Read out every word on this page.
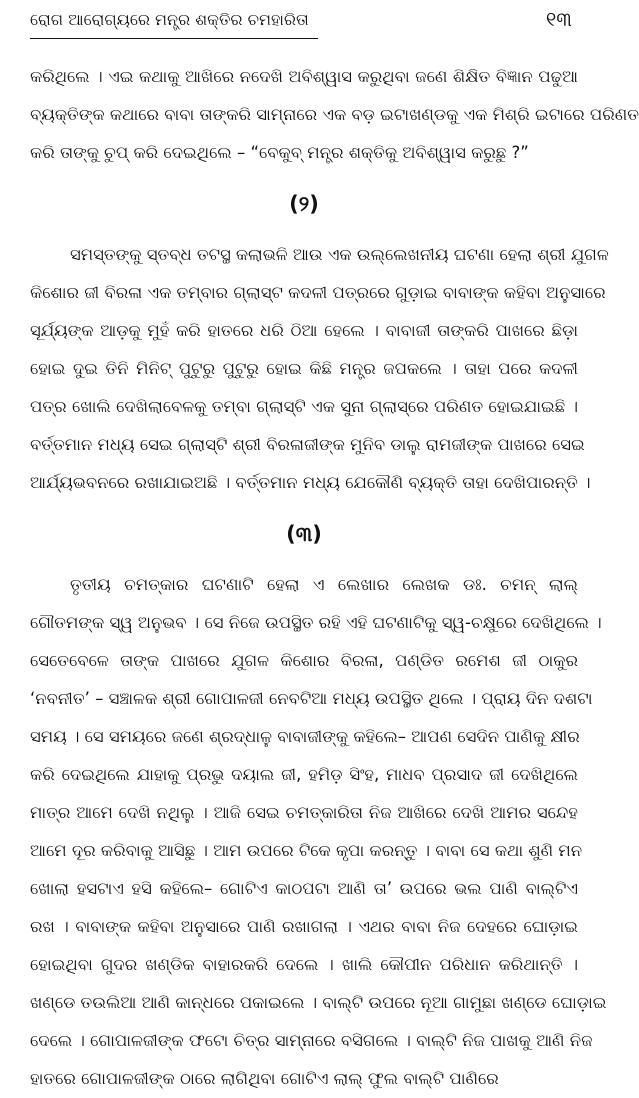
ରୋଗ ଆରୋଗ୍ୟରେ ମନ୍ତ୍ର ଶକ୍ତିର ଚମହାରିତା	୧୩
କରିଥିଲେ । ଏଇ କଥାକୁ ଆଖିରେ ନଦେଖି ଅବିଶ୍ୱାସ କରୁଥିବା ଜଣେ ଶିକ୍ଷିତ ବିଜ୍ଞାନ ପଢୁଆ
ବ୍ୟକ୍ତିଙ୍କ କଥାରେ ବାବା ତାଙ୍କରି ସାମ୍ନାରେ ଏକ ବଡ଼ ଇଟାଖଣ୍ଡକୁ ଏକ ମିଶ୍ରି ଇଟାରେ ପରିଣତ
କରି ତାଙ୍କୁ ଚୁପ୍ କରି ଦେଇଥିଲେ – “ବେକୁବ୍ ମନ୍ତ୍ର ଶକ୍ତିକୁ ଅବିଶ୍ୱାସ କରୁଛୁ ?”
(୨)
ସମସ୍ତଙ୍କୁ ସ୍ତବ୍ଧ ତଟସ୍ଥ କଲାଭଳି ଆଉ ଏକ ଉଲ୍ଲେଖନୀୟ ଘଟଣା ହେଲା ଶ୍ରୀ ଯୁଗଳ
କିଶୋର ଜୀ ବିରଳା ଏକ ତମ୍ବାର ଗ୍ଲାସ୍ଟ କଦଳୀ ପତ୍ରରେ ଗୁଡ଼ାଇ ବାବାଙ୍କ କହିବା ଅନୁସାରେ
ସୂର୍ଯ୍ୟଙ୍କ ଆଡ଼କୁ ମୁହଁ କରି ହାତରେ ଧରି ଠିଆ ହେଲେ । ବାବାଜୀ ତାଙ୍କରି ପାଖରେ ଛିଡ଼ା
ହୋଇ ଦୁଇ ତିନି ମିନିଟ୍ ପୁଟୁରୁ ପୁଟୁରୁ ହୋଇ କିଛି ମନ୍ତ୍ର ଜପକଲେ । ତାହା ପରେ କଦଳୀ
ପତ୍ର ଖୋଲି ଦେଖିଲାବେଳକୁ ତମ୍ବା ଗ୍ଲାସ୍ଟି ଏକ ସୁନା ଗ୍ଲାସ୍ରେ ପରିଣତ ହୋଇଯାଇଛି ।
ବର୍ତ୍ତମାନ ମଧ୍ୟ ସେଇ ଗ୍ଲାସ୍ଟି ଶ୍ରୀ ବିରଳାଜୀଙ୍କ ମୁନିବ ଡାଲୁ ରାମଜୀଙ୍କ ପାଖରେ ସେଇ
ଆର୍ଯ୍ୟଭବନରେ ରଖାଯାଇଅଛି । ବର୍ତ୍ତମାନ ମଧ୍ୟ ଯେକୌଣି ବ୍ୟକ୍ତି ତାହା ଦେଖିପାରନ୍ତି ।
(୩)
ତୃତୀୟ ଚମତ୍କାର ଘଟଣାଟି ହେଲା ଏ ଲେଖାର ଲେଖକ ଡଃ. ଚମନ୍ ଲାଲ୍
ଗୌତମଙ୍କ ସ୍ୱ ଅନୁଭବ । ସେ ନିଜେ ଉପସ୍ଥିତ ରହି ଏହି ଘଟଣାଟିକୁ ସ୍ୱ-ଚକ୍ଷୁରେ ଦେଖିଥିଲେ ।
ସେତେବେଳେ ତାଙ୍କ ପାଖରେ ଯୁଗଳ କିଶୋର ବିରଳା, ପଣ୍ଡିତ ରମେଶ ଜୀ ଠାକୁର
‘ନବନୀତ’ – ସଞ୍ଚାଳକ ଶ୍ରୀ ଗୋପାଳଜୀ ନେବଟିଆ ମଧ୍ୟ ଉପସ୍ଥିତ ଥିଲେ । ପ୍ରାୟ ଦିନ ଦଶଟା
ସମୟ । ସେ ସମୟରେ ଜଣେ ଶ୍ରଦ୍ଧାଳୁ ବାବାଜୀଙ୍କୁ କହିଲେ– ଆପଣ ସେଦିନ ପାଣିକୁ କ୍ଷୀର
କରି ଦେଇଥିଲେ ଯାହାକୁ ପ୍ରଭୁ ଦୟାଲ ଜୀ, ହମିଡ଼ ସିଂହ, ମାଧବ ପ୍ରସାଦ ଜୀ ଦେଖିଥିଲେ
ମାତ୍ର ଆମେ ଦେଖି ନଥିଲୁ । ଆଜି ସେଇ ଚମତ୍କାରିତା ନିଜ ଆଖିରେ ଦେଖି ଆମର ସନ୍ଦେହ
ଆମେ ଦୂର କରିବାକୁ ଆସିଛୁ । ଆମ ଉପରେ ଟିକେ କୃପା କରନ୍ତୁ । ବାବା ସେ କଥା ଶୁଣି ମନ
ଖୋଲା ହସଟାଏ ହସି କହିଲେ– ଗୋଟିଏ କାଠପଟା ଆଣି ତା’ ଉପରେ ଭଲ ପାଣି ବାଲ୍ଟିଏ
ରଖ । ବାବାଙ୍କ କହିବା ଅନୁସାରେ ପାଣି ରଖାଗଲା । ଏଥର ବାବା ନିଜ ଦେହରେ ଘୋଡ଼ାଇ
ହୋଇଥିବା ଗୁଦର ଖଣ୍ଡିକ ବାହାରକରି ଦେଲେ । ଖାଲି କୌପୀନ ପରିଧାନ କରିଥାନ୍ତି ।
ଖଣ୍ଡେ ତଉଲିଆ ଆଣି କାନ୍ଧରେ ପକାଇଲେ । ବାଲ୍ଟି ଉପରେ ନୂଆ ଗାମୁଛା ଖଣ୍ଡେ ଘୋଡ଼ାଇ
ଦେଲେ । ଗୋପାଳଜୀଙ୍କ ଫଟୋ ଚିତ୍ର ସାମ୍ନାରେ ବସିଗଲେ । ବାଲ୍ଟି ନିଜ ପାଖକୁ ଆଣି ନିଜ
ହାତରେ ଗୋପାଳଜୀଙ୍କ ଠାରେ ଲାଗିଥିବା ଗୋଟିଏ ଲାଲ୍ ଫୁଲ ବାଲ୍ଟି ପାଣିରେ
